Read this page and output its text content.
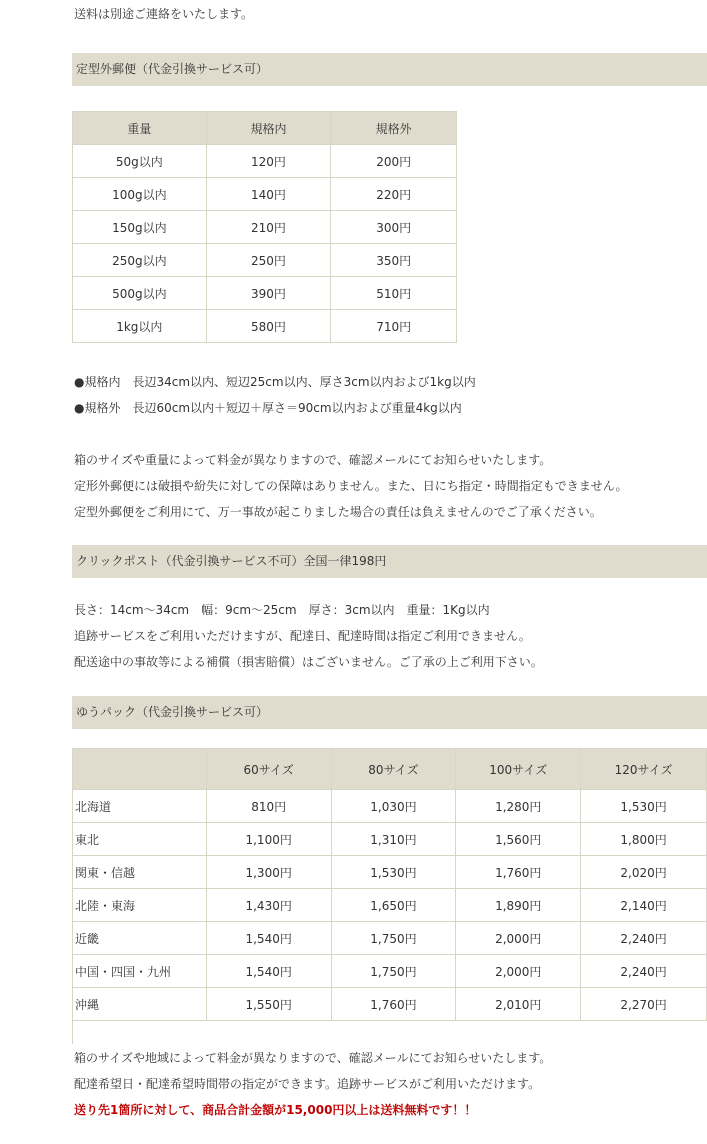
送料は別途ご連絡をいたします。
定型外郵便（代金引換サービス可）
重量	規格内	規格外
50g以内	120円	200円
100g以内	140円	220円
150g以内	210円	300円
250g以内	250円	350円
500g以内	390円	510円
1kg以内	580円	710円
●規格内　長辺34cm以内、短辺25cm以内、厚さ3cm以内および1kg以内
●規格外　長辺60cm以内＋短辺＋厚さ＝90cm以内および重量4kg以内
箱のサイズや重量によって料金が異なりますので、確認メールにてお知らせいたします。
定形外郵便には破損や紛失に対しての保障はありません。また、日にち指定・時間指定もできません。
定型外郵便をご利用にて、万一事故が起こりました場合の責任は負えませんのでご了承ください。
クリックポスト（代金引換サービス不可）全国一律198円
長さ：14cm～34cm　幅：9cm～25cm　厚さ：3cm以内　重量：1Kg以内
追跡サービスをご利用いただけますが、配達日、配達時間は指定ご利用できません。
配送途中の事故等による補償（損害賠償）はございません。ご了承の上ご利用下さい。
ゆうパック（代金引換サービス可）
	60サイズ	80サイズ	100サイズ	120サイズ
北海道	810円	1,030円	1,280円	1,530円
東北	1,100円	1,310円	1,560円	1,800円
関東・信越	1,300円	1,530円	1,760円	2,020円
北陸・東海	1,430円	1,650円	1,890円	2,140円
近畿	1,540円	1,750円	2,000円	2,240円
中国・四国・九州	1,540円	1,750円	2,000円	2,240円
沖縄	1,550円	1,760円	2,010円	2,270円
箱のサイズや地域によって料金が異なりますので、確認メールにてお知らせいたします。
配達希望日・配達希望時間帯の指定ができます。追跡サービスがご利用いただけます。
送り先1箇所に対して、商品合計金額が15,000円以上は送料無料です！！
